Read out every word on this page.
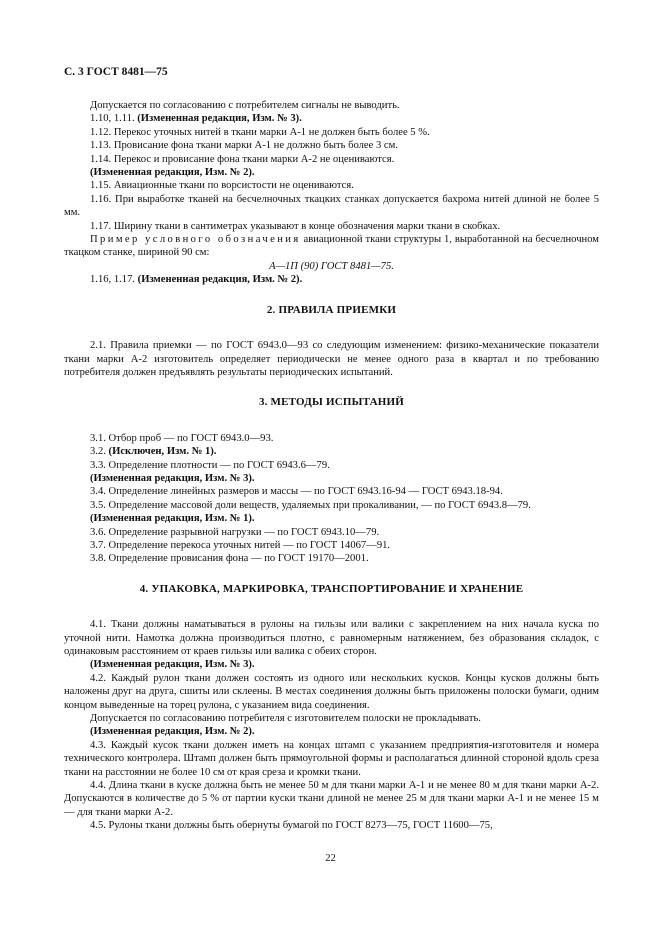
С. 3 ГОСТ 8481—75

Допускается по согласованию с потребителем сигналы не выводить.

1.10, 1.11. (Измененная редакция, Изм. № 3).

1.12. Перекос уточных нитей в ткани марки А-1 не должен быть более 5 %.

1.13. Провисание фона ткани марки А-1 не должно быть более 3 см.

1.14. Перекос и провисание фона ткани марки А-2 не оцениваются.

(Измененная редакция, Изм. № 2).

1.15. Авиационные ткани по ворсистости не оцениваются.

1.16. При выработке тканей на бесчелночных ткацких станках допускается бахрома нитей длиной не более 5 мм.

1.17. Ширину ткани в сантиметрах указывают в конце обозначения марки ткани в скобках.

Пример условного обозначения авиационной ткани структуры 1, выработанной на бесчелночном ткацком станке, шириной 90 см:

А—1П (90) ГОСТ 8481—75.

1.16, 1.17. (Измененная редакция, Изм. № 2).

2. ПРАВИЛА ПРИЕМКИ

2.1. Правила приемки — по ГОСТ 6943.0—93 со следующим изменением: физико-механические показатели ткани марки А-2 изготовитель определяет периодически не менее одного раза в квартал и по требованию потребителя должен предъявлять результаты периодических испытаний.

3. МЕТОДЫ ИСПЫТАНИЙ

3.1. Отбор проб — по ГОСТ 6943.0—93.

3.2. (Исключен, Изм. № 1).

3.3. Определение плотности — по ГОСТ 6943.6—79.

(Измененная редакция, Изм. № 3).

3.4. Определение линейных размеров и массы — по ГОСТ 6943.16-94 — ГОСТ 6943.18-94.

3.5. Определение массовой доли веществ, удаляемых при прокаливании, — по ГОСТ 6943.8—79.

(Измененная редакция, Изм. № 1).

3.6. Определение разрывной нагрузки — по ГОСТ 6943.10—79.

3.7. Определение перекоса уточных нитей — по ГОСТ 14067—91.

3.8. Определение провисания фона — по ГОСТ 19170—2001.

4. УПАКОВКА, МАРКИРОВКА, ТРАНСПОРТИРОВАНИЕ И ХРАНЕНИЕ

4.1. Ткани должны наматываться в рулоны на гильзы или валики с закреплением на них начала куска по уточной нити. Намотка должна производиться плотно, с равномерным натяжением, без образования складок, с одинаковым расстоянием от краев гильзы или валика с обеих сторон.

(Измененная редакция, Изм. № 3).

4.2. Каждый рулон ткани должен состоять из одного или нескольких кусков. Концы кусков должны быть наложены друг на друга, сшиты или склеены. В местах соединения должны быть приложены полоски бумаги, одним концом выведенные на торец рулона, с указанием вида соединения.

Допускается по согласованию потребителя с изготовителем полоски не прокладывать.

(Измененная редакция, Изм. № 2).

4.3. Каждый кусок ткани должен иметь на концах штамп с указанием предприятия-изготовителя и номера технического контролера. Штамп должен быть прямоугольной формы и располагаться длинной стороной вдоль среза ткани на расстоянии не более 10 см от края среза и кромки ткани.

4.4. Длина ткани в куске должна быть не менее 50 м для ткани марки А-1 и не менее 80 м для ткани марки А-2. Допускаются в количестве до 5 % от партии куски ткани длиной не менее 25 м для ткани марки А-1 и не менее 15 м — для ткани марки А-2.

4.5. Рулоны ткани должны быть обернуты бумагой по ГОСТ 8273—75, ГОСТ 11600—75,

22
